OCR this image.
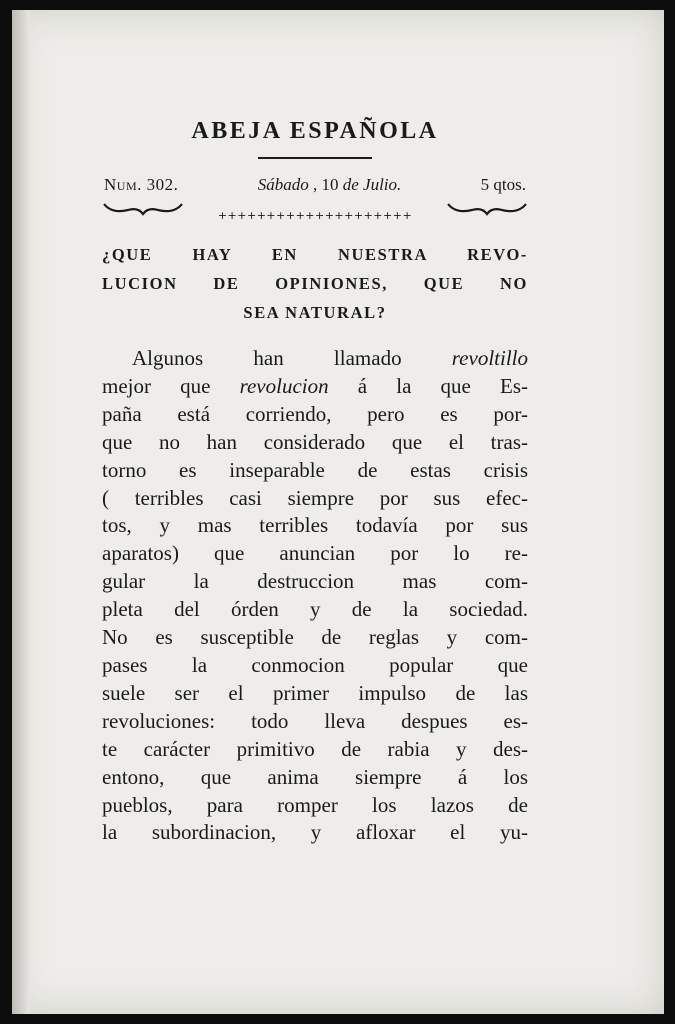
ABEJA ESPAÑOLA
Num. 302.	Sábado , 10 de Julio.	5 qtos.
++++++++++++++++++++
¿QUE HAY EN NUESTRA REVO-
LUCION DE OPINIONES, QUE NO
SEA NATURAL?
Algunos han llamado revoltillo
mejor que revolucion á la que Es-
paña está corriendo, pero es por-
que no han considerado que el tras-
torno es inseparable de estas crisis
( terribles casi siempre por sus efec-
tos, y mas terribles todavía por sus
aparatos) que anuncian por lo re-
gular la destruccion mas com-
pleta del órden y de la sociedad.
No es susceptible de reglas y com-
pases la conmocion popular que
suele ser el primer impulso de las
revoluciones: todo lleva despues es-
te carácter primitivo de rabia y des-
entono, que anima siempre á los
pueblos, para romper los lazos de
la subordinacion, y afloxar el yu-
